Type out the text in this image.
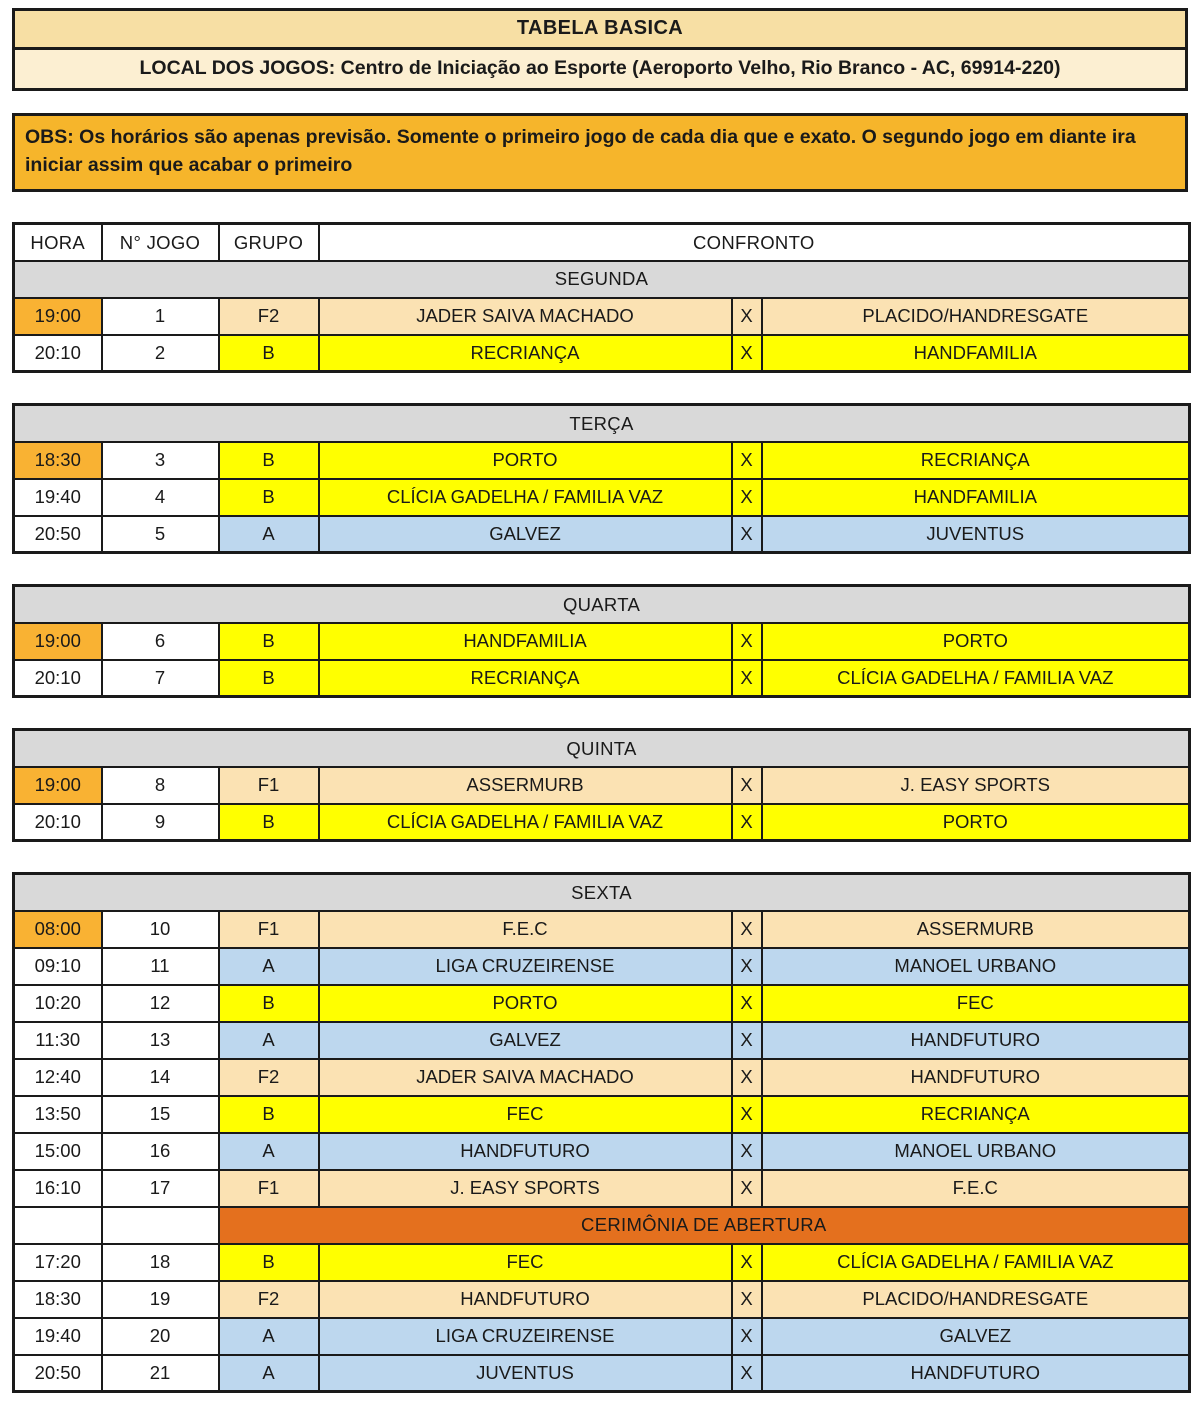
TABELA BASICA
LOCAL DOS JOGOS: Centro de Iniciação ao Esporte (Aeroporto Velho, Rio Branco - AC, 69914-220)
OBS: Os horários são apenas previsão. Somente o primeiro jogo de cada dia que e exato. O segundo jogo em diante ira iniciar assim que acabar o primeiro
HORA	N° JOGO	GRUPO	CONFRONTO		
SEGUNDA					
19:00	1	F2	JADER SAIVA MACHADO	X	PLACIDO/HANDRESGATE
20:10	2	B	RECRIANÇA	X	HANDFAMILIA
TERÇA					
18:30	3	B	PORTO	X	RECRIANÇA
19:40	4	B	CLÍCIA GADELHA / FAMILIA VAZ	X	HANDFAMILIA
20:50	5	A	GALVEZ	X	JUVENTUS
QUARTA					
19:00	6	B	HANDFAMILIA	X	PORTO
20:10	7	B	RECRIANÇA	X	CLÍCIA GADELHA / FAMILIA VAZ
QUINTA					
19:00	8	F1	ASSERMURB	X	J. EASY SPORTS
20:10	9	B	CLÍCIA GADELHA / FAMILIA VAZ	X	PORTO
SEXTA					
08:00	10	F1	F.E.C	X	ASSERMURB
09:10	11	A	LIGA CRUZEIRENSE	X	MANOEL URBANO
10:20	12	B	PORTO	X	FEC
11:30	13	A	GALVEZ	X	HANDFUTURO
12:40	14	F2	JADER SAIVA MACHADO	X	HANDFUTURO
13:50	15	B	FEC	X	RECRIANÇA
15:00	16	A	HANDFUTURO	X	MANOEL URBANO
16:10	17	F1	J. EASY SPORTS	X	F.E.C
		CERIMÔNIA DE ABERTURA			
17:20	18	B	FEC	X	CLÍCIA GADELHA / FAMILIA VAZ
18:30	19	F2	HANDFUTURO	X	PLACIDO/HANDRESGATE
19:40	20	A	LIGA CRUZEIRENSE	X	GALVEZ
20:50	21	A	JUVENTUS	X	HANDFUTURO
